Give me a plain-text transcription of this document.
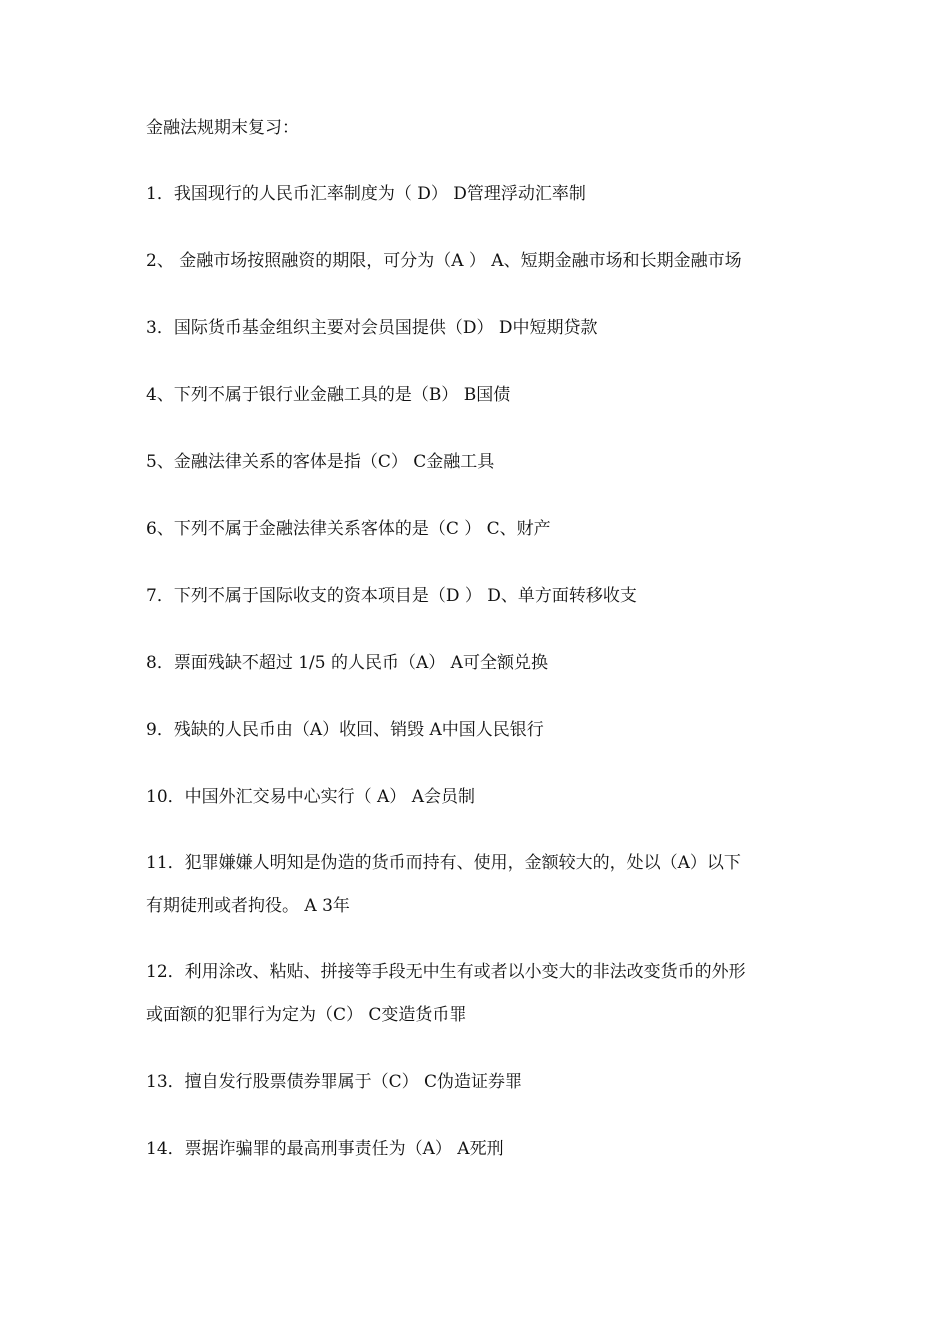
金融法规期末复习：
1．我国现行的人民币汇率制度为（ D） D管理浮动汇率制
2、 金融市场按照融资的期限，可分为（A ） A、短期金融市场和长期金融市场
3．国际货币基金组织主要对会员国提供（D） D中短期贷款
4、下列不属于银行业金融工具的是（B） B国债
5、金融法律关系的客体是指（C） C金融工具
6、下列不属于金融法律关系客体的是（C ） C、财产
7．下列不属于国际收支的资本项目是（D ） D、单方面转移收支
8．票面残缺不超过 1/5 的人民币（A） A可全额兑换
9．残缺的人民币由（A）收回、销毁 A中国人民银行
10．中国外汇交易中心实行（ A） A会员制
11．犯罪嫌嫌人明知是伪造的货币而持有、使用，金额较大的，处以（A）以下
有期徒刑或者拘役。 A 3年
12．利用涂改、粘贴、拼接等手段无中生有或者以小变大的非法改变货币的外形
或面额的犯罪行为定为（C） C变造货币罪
13．擅自发行股票债券罪属于（C） C伪造证券罪
14．票据诈骗罪的最高刑事责任为（A） A死刑
